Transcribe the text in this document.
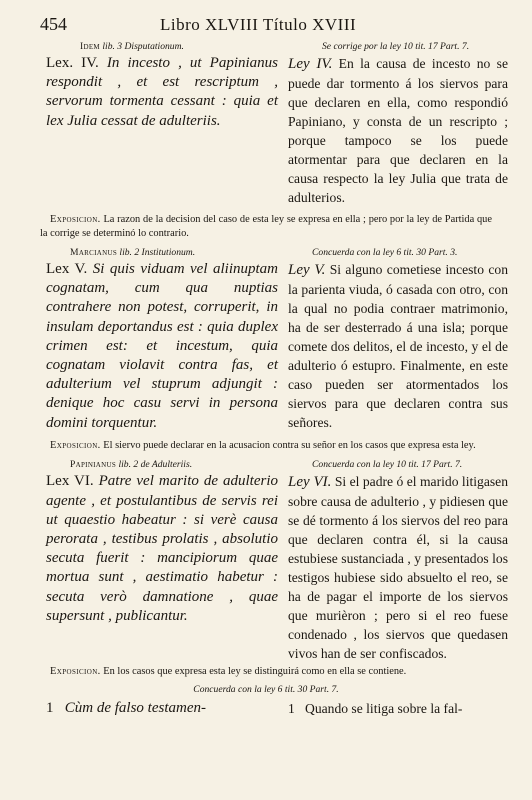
454	Libro XLVIII Título XVIII
Idem lib. 3 Disputationum.	Se corrige por la ley 10 tit. 17 Part. 7.
Lex. IV. In incesto , ut Papinianus respondit , et est rescriptum , servorum tormenta cessant : quia et lex Julia cessat de adulteriis.
Ley IV. En la causa de incesto no se puede dar tormento á los siervos para que declaren en ella, como respondió Papiniano, y consta de un rescripto ; porque tampoco se los puede atormentar para que declaren en la causa respecto la ley Julia que trata de adulterios.
Exposicion. La razon de la decision del caso de esta ley se expresa en ella ; pero por la ley de Partida que la corrige se determinó lo contrario.
Marcianus lib. 2 Institutionum.	Concuerda con la ley 6 tit. 30 Part. 3.
Lex V. Si quis viduam vel aliinuptam cognatam, cum qua nuptias contrahere non potest, corruperit, in insulam deportandus est : quia duplex crimen est: et incestum, quia cognatam violavit contra fas, et adulterium vel stuprum adjungit : denique hoc casu servi in persona domini torquentur.
Ley V. Si alguno cometiese incesto con la parienta viuda, ó casada con otro, con la qual no podia contraer matrimonio, ha de ser desterrado á una isla; porque comete dos delitos, el de incesto, y el de adulterio ó estupro. Finalmente, en este caso pueden ser atormentados los siervos para que declaren contra sus señores.
Exposicion. El siervo puede declarar en la acusacion contra su señor en los casos que expresa esta ley.
Papinianus lib. 2 de Adulteriis.	Concuerda con la ley 10 tit. 17 Part. 7.
Lex VI. Patre vel marito de adulterio agente , et postulantibus de servis rei ut quaestio habeatur : si verè causa perorata , testibus prolatis , absolutio secuta fuerit : mancipiorum quae mortua sunt , aestimatio habetur : secuta verò damnatione , quae supersunt , publicantur.
Ley VI. Si el padre ó el marido litigasen sobre causa de adulterio , y pidiesen que se dé tormento á los siervos del reo para que declaren contra él, si la causa estubiese sustanciada , y presentados los testigos hubiese sido absuelto el reo, se ha de pagar el importe de los siervos que murièron ; pero si el reo fuese condenado , los siervos que quedasen vivos han de ser confiscados.
Exposicion. En los casos que expresa esta ley se distinguirá como en ella se contiene.
Concuerda con la ley 6 tit. 30 Part. 7.
1 Cùm de falso testamen-	1 Quando se litiga sobre la fal-
